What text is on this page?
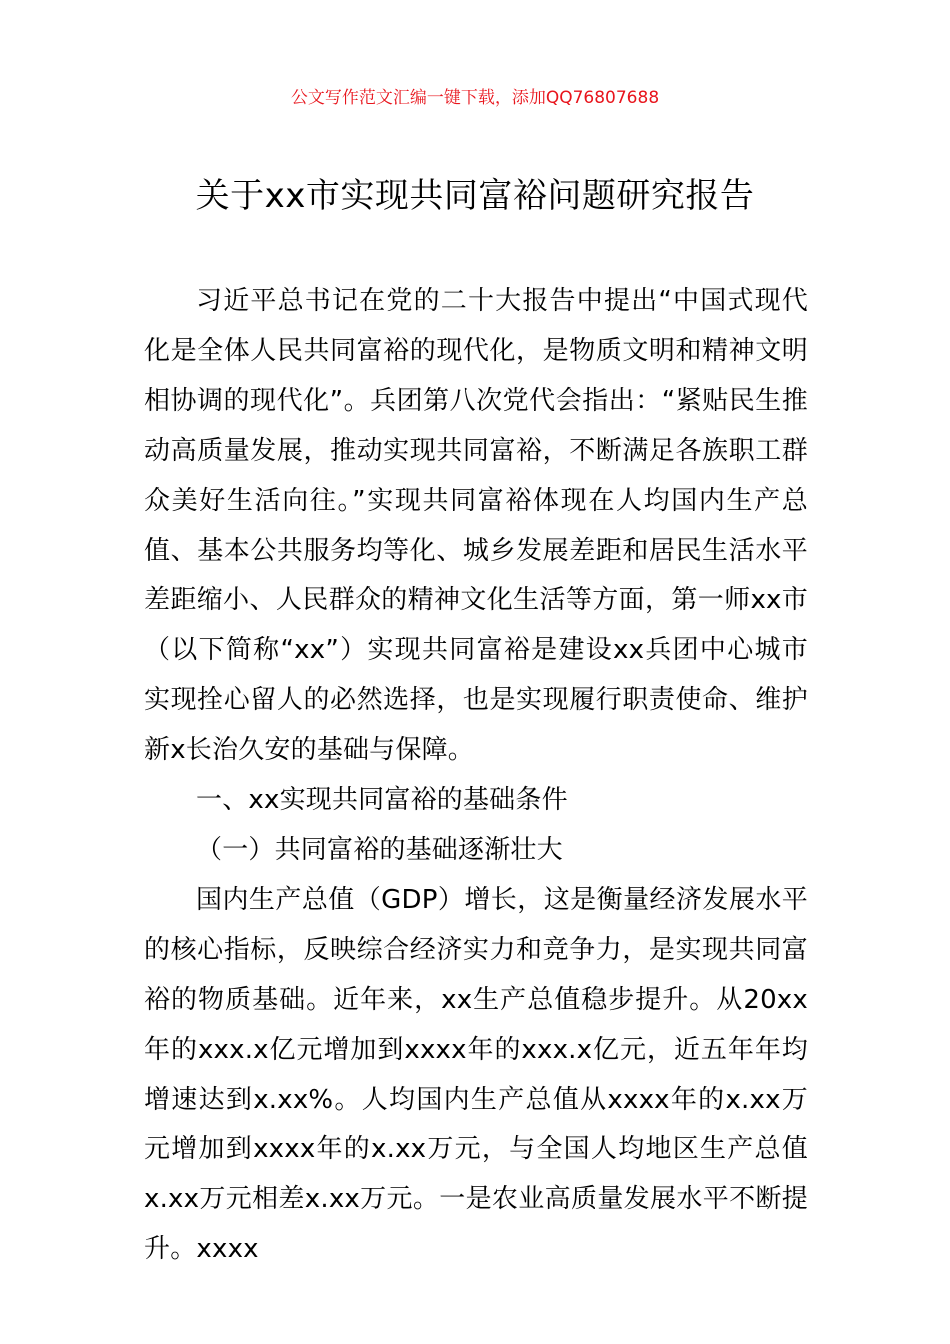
公文写作范文汇编一键下载，添加QQ76807688
关于xx市实现共同富裕问题研究报告

习近平总书记在党的二十大报告中提出“中国式现代化是全体人民共同富裕的现代化，是物质文明和精神文明相协调的现代化”。兵团第八次党代会指出：“紧贴民生推动高质量发展，推动实现共同富裕，不断满足各族职工群众美好生活向往。”实现共同富裕体现在人均国内生产总值、基本公共服务均等化、城乡发展差距和居民生活水平差距缩小、人民群众的精神文化生活等方面，第一师xx市（以下简称“xx”）实现共同富裕是建设xx兵团中心城市实现拴心留人的必然选择，也是实现履行职责使命、维护新x长治久安的基础与保障。

一、xx实现共同富裕的基础条件

（一）共同富裕的基础逐渐壮大

国内生产总值（GDP）增长，这是衡量经济发展水平的核心指标，反映综合经济实力和竞争力，是实现共同富裕的物质基础。近年来，xx生产总值稳步提升。从20xx年的xxx.x亿元增加到xxxx年的xxx.x亿元，近五年年均增速达到x.xx%。人均国内生产总值从xxxx年的x.xx万元增加到xxxx年的x.xx万元，与全国人均地区生产总值x.xx万元相差x.xx万元。一是农业高质量发展水平不断提升。xxxx
